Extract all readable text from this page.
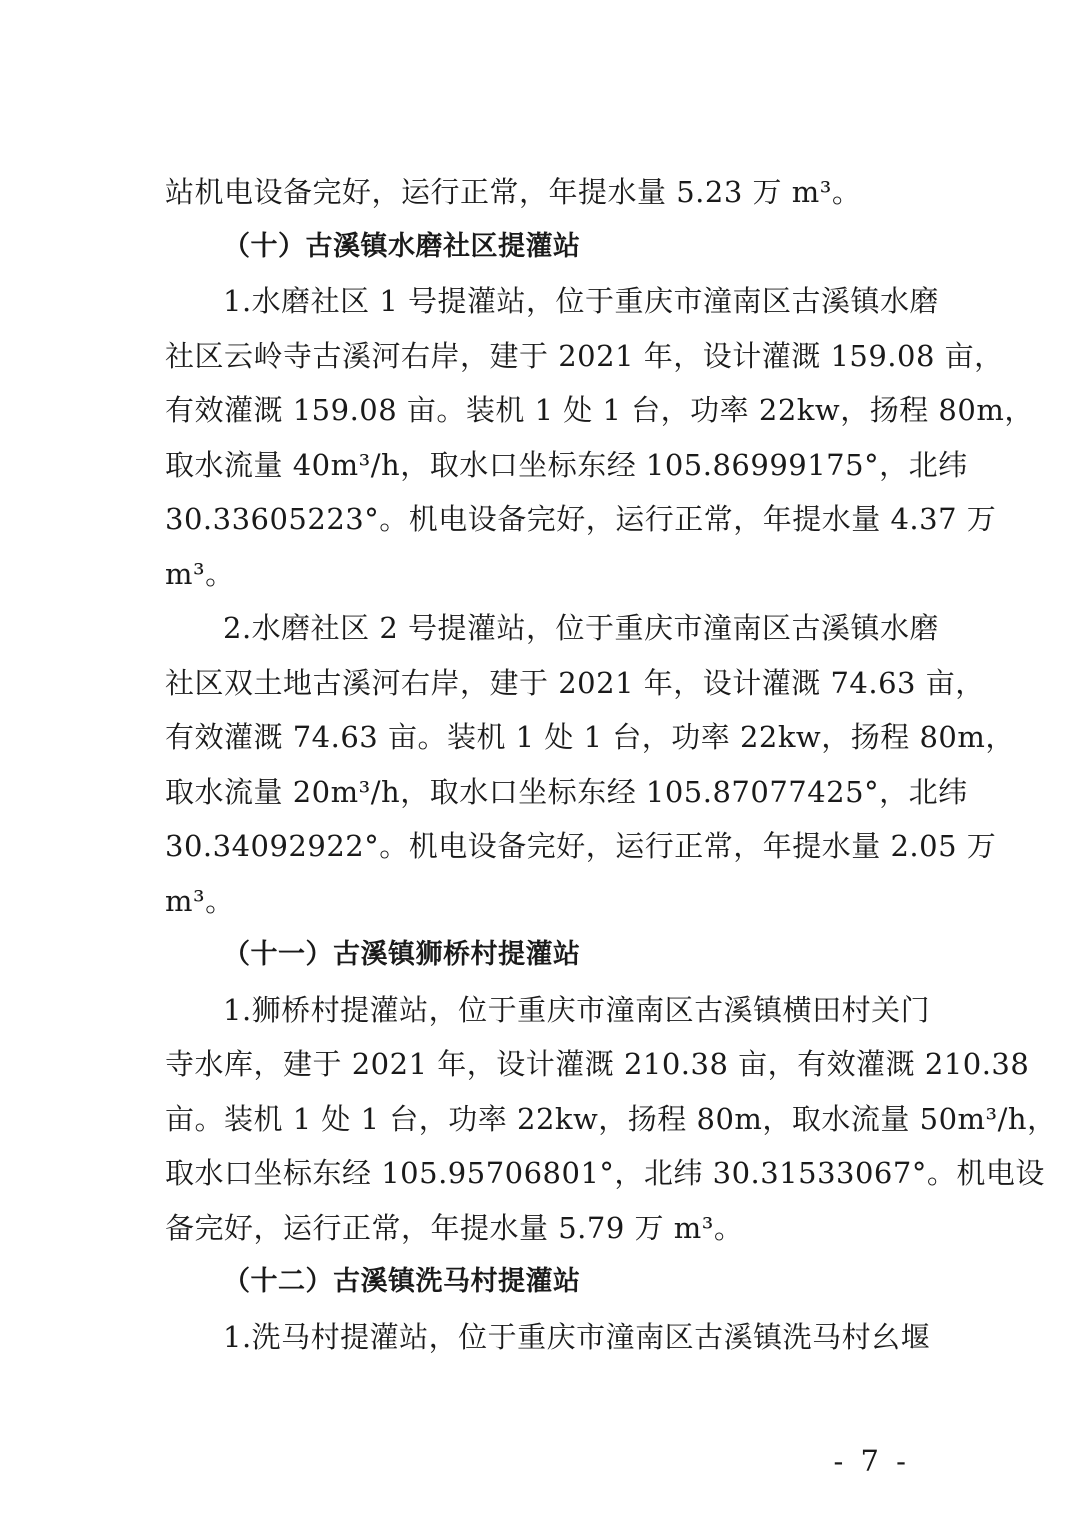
站机电设备完好，运行正常，年提水量 5.23 万 m³。
（十）古溪镇水磨社区提灌站
1.水磨社区 1 号提灌站，位于重庆市潼南区古溪镇水磨
社区云岭寺古溪河右岸，建于 2021 年，设计灌溉 159.08 亩，
有效灌溉 159.08 亩。装机 1 处 1 台，功率 22kw，扬程 80m，
取水流量 40m³/h，取水口坐标东经 105.86999175°，北纬
30.33605223°。机电设备完好，运行正常，年提水量 4.37 万
m³。
2.水磨社区 2 号提灌站，位于重庆市潼南区古溪镇水磨
社区双土地古溪河右岸，建于 2021 年，设计灌溉 74.63 亩，
有效灌溉 74.63 亩。装机 1 处 1 台，功率 22kw，扬程 80m，
取水流量 20m³/h，取水口坐标东经 105.87077425°，北纬
30.34092922°。机电设备完好，运行正常，年提水量 2.05 万
m³。
（十一）古溪镇狮桥村提灌站
1.狮桥村提灌站，位于重庆市潼南区古溪镇横田村关门
寺水库，建于 2021 年，设计灌溉 210.38 亩，有效灌溉 210.38
亩。装机 1 处 1 台，功率 22kw，扬程 80m，取水流量 50m³/h，
取水口坐标东经 105.95706801°，北纬 30.31533067°。机电设
备完好，运行正常，年提水量 5.79 万 m³。
（十二）古溪镇洗马村提灌站
1.洗马村提灌站，位于重庆市潼南区古溪镇洗马村幺堰
- 7 -
